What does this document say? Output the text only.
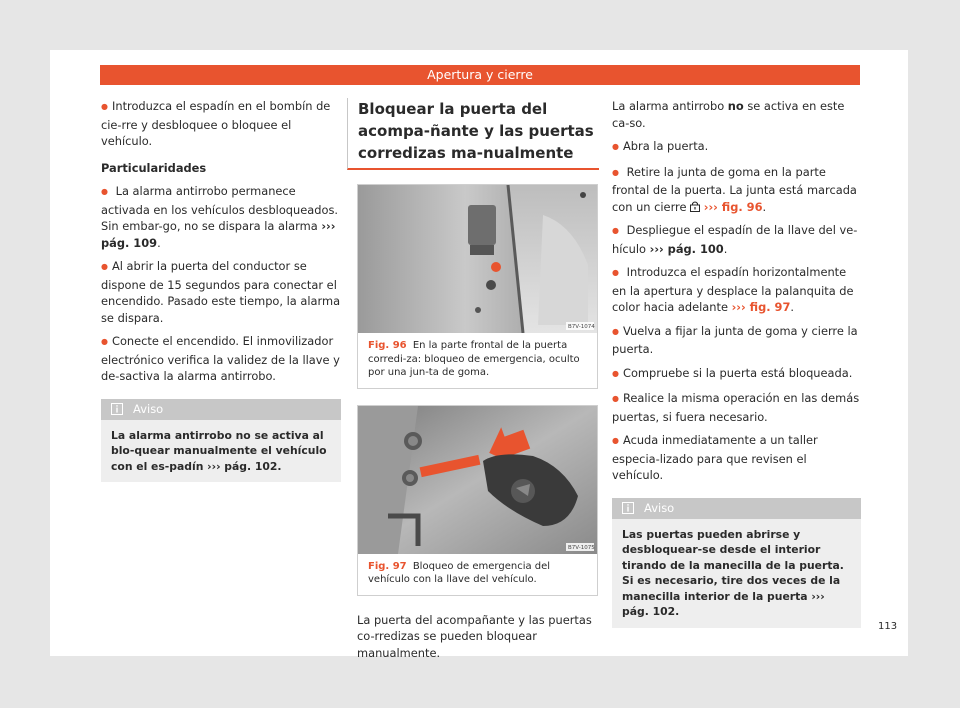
Apertura y cierre

● Introduzca el espadín en el bombín de cie-rre y desbloquee o bloquee el vehículo.

Particularidades

● La alarma antirrobo permanece activada en los vehículos desbloqueados. Sin embar-go, no se dispara la alarma ››› pág. 109.

● Al abrir la puerta del conductor se dispone de 15 segundos para conectar el encendido. Pasado este tiempo, la alarma se dispara.

● Conecte el encendido. El inmovilizador electrónico verifica la validez de la llave y de-sactiva la alarma antirrobo.

Aviso
La alarma antirrobo no se activa al blo-quear manualmente el vehículo con el es-padín ››› pág. 102.
Bloquear la puerta del acompa-ñante y las puertas corredizas ma-nualmente
B7V-1074
Fig. 96 En la parte frontal de la puerta corredi-za: bloqueo de emergencia, oculto por una jun-ta de goma.
B7V-1075
Fig. 97 Bloqueo de emergencia del vehículo con la llave del vehículo.

La puerta del acompañante y las puertas co-rredizas se pueden bloquear manualmente.

La alarma antirrobo no se activa en este ca-so.

● Abra la puerta.

● Retire la junta de goma en la parte frontal de la puerta. La junta está marcada con un cierre ››› fig. 96.

● Despliegue el espadín de la llave del ve-hículo ››› pág. 100.

● Introduzca el espadín horizontalmente en la apertura y desplace la palanquita de color hacia adelante ››› fig. 97.

● Vuelva a fijar la junta de goma y cierre la puerta.

● Compruebe si la puerta está bloqueada.

● Realice la misma operación en las demás puertas, si fuera necesario.

● Acuda inmediatamente a un taller especia-lizado para que revisen el vehículo.

Aviso
Las puertas pueden abrirse y desbloquear-se desde el interior tirando de la manecilla de la puerta. Si es necesario, tire dos veces de la manecilla interior de la puerta ››› pág. 102.
113
